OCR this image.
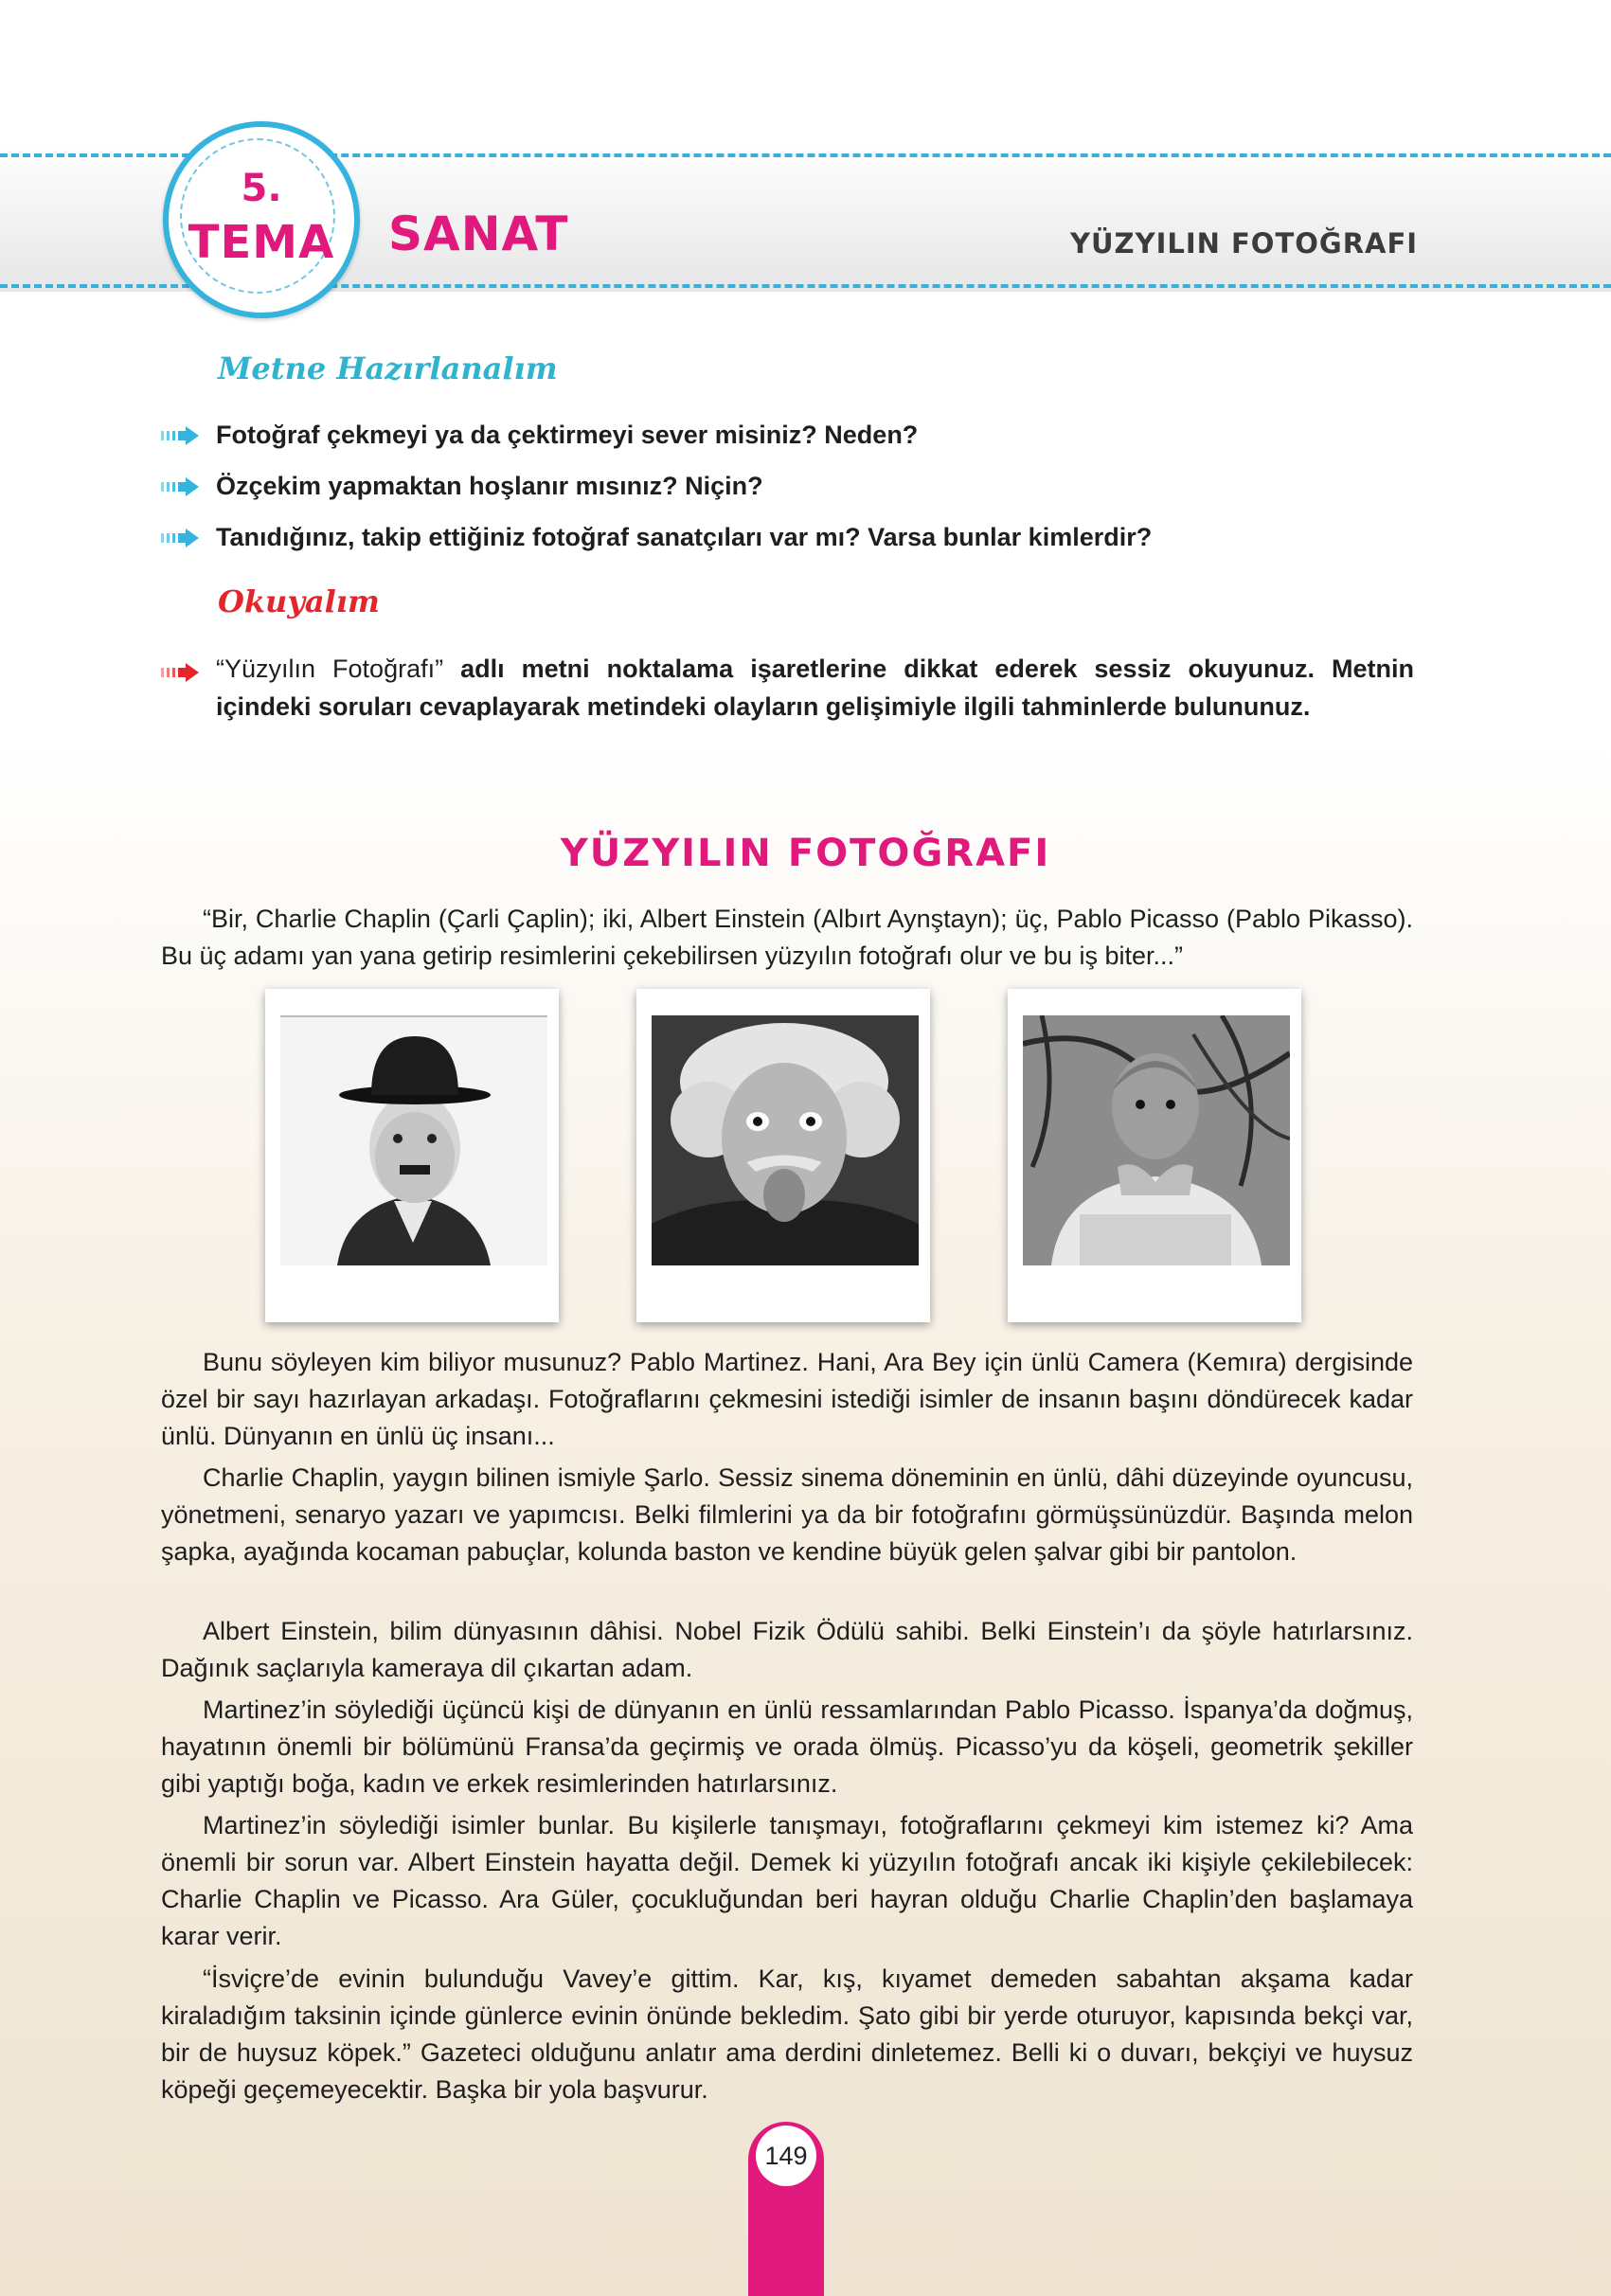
5.
TEMA	SANAT	YÜZYILIN FOTOĞRAFI
Metne Hazırlanalım
Fotoğraf çekmeyi ya da çektirmeyi sever misiniz? Neden?
Özçekim yapmaktan hoşlanır mısınız? Niçin?
Tanıdığınız, takip ettiğiniz fotoğraf sanatçıları var mı? Varsa bunlar kimlerdir?
Okuyalım
“Yüzyılın Fotoğrafı” adlı metni noktalama işaretlerine dikkat ederek sessiz okuyunuz. Metnin içindeki soruları cevaplayarak metindeki olayların gelişimiyle ilgili tahminlerde bulununuz.
YÜZYILIN FOTOĞRAFI
“Bir, Charlie Chaplin (Çarli Çaplin); iki, Albert Einstein (Albırt Aynştayn); üç, Pablo Picasso (Pablo Pikasso). Bu üç adamı yan yana getirip resimlerini çekebilirsen yüzyılın fotoğrafı olur ve bu iş biter...”
Bunu söyleyen kim biliyor musunuz? Pablo Martinez. Hani, Ara Bey için ünlü Camera (Kemıra) dergisinde özel bir sayı hazırlayan arkadaşı. Fotoğraflarını çekmesini istediği isimler de insanın başını döndürecek kadar ünlü. Dünyanın en ünlü üç insanı...
Charlie Chaplin, yaygın bilinen ismiyle Şarlo. Sessiz sinema döneminin en ünlü, dâhi düzeyinde oyuncusu, yönetmeni, senaryo yazarı ve yapımcısı. Belki filmlerini ya da bir fotoğrafını görmüşsünüzdür. Başında melon şapka, ayağında kocaman pabuçlar, kolunda baston ve kendine büyük gelen şalvar gibi bir pantolon.
Albert Einstein, bilim dünyasının dâhisi. Nobel Fizik Ödülü sahibi. Belki Einstein’ı da şöyle hatırlarsınız. Dağınık saçlarıyla kameraya dil çıkartan adam.
Martinez’in söylediği üçüncü kişi de dünyanın en ünlü ressamlarından Pablo Picasso. İspanya’da doğmuş, hayatının önemli bir bölümünü Fransa’da geçirmiş ve orada ölmüş. Picasso’yu da köşeli, geometrik şekiller gibi yaptığı boğa, kadın ve erkek resimlerinden hatırlarsınız.
Martinez’in söylediği isimler bunlar. Bu kişilerle tanışmayı, fotoğraflarını çekmeyi kim istemez ki? Ama önemli bir sorun var. Albert Einstein hayatta değil. Demek ki yüzyılın fotoğrafı ancak iki kişiyle çekilebilecek: Charlie Chaplin ve Picasso. Ara Güler, çocukluğundan beri hayran olduğu Charlie Chaplin’den başlamaya karar verir.
“İsviçre’de evinin bulunduğu Vavey’e gittim. Kar, kış, kıyamet demeden sabahtan akşama kadar kiraladığım taksinin içinde günlerce evinin önünde bekledim. Şato gibi bir yerde oturuyor, kapısında bekçi var, bir de huysuz köpek.” Gazeteci olduğunu anlatır ama derdini dinletemez. Belli ki o duvarı, bekçiyi ve huysuz köpeği geçemeyecektir. Başka bir yola başvurur.
149
